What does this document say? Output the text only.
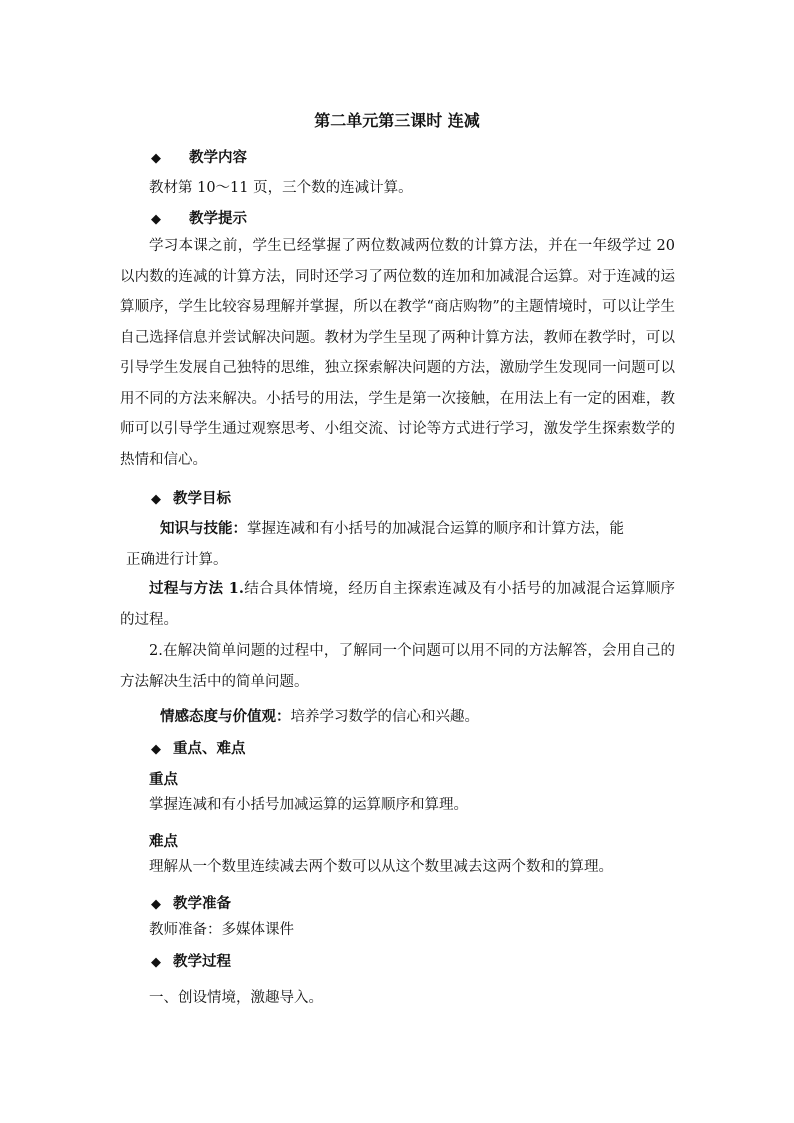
第二单元第三课时 连减
◆ 教学内容
教材第 10～11 页，三个数的连减计算。
◆ 教学提示
学习本课之前，学生已经掌握了两位数减两位数的计算方法，并在一年级学过 20 以内数的连减的计算方法，同时还学习了两位数的连加和加减混合运算。对于连减的运算顺序，学生比较容易理解并掌握，所以在教学“商店购物”的主题情境时，可以让学生自己选择信息并尝试解决问题。教材为学生呈现了两种计算方法，教师在教学时，可以引导学生发展自己独特的思维，独立探索解决问题的方法，激励学生发现同一问题可以用不同的方法来解决。小括号的用法，学生是第一次接触，在用法上有一定的困难，教师可以引导学生通过观察思考、小组交流、讨论等方式进行学习，激发学生探索数学的热情和信心。
◆ 教学目标
知识与技能：掌握连减和有小括号的加减混合运算的顺序和计算方法，能
正确进行计算。
过程与方法 1.结合具体情境，经历自主探索连减及有小括号的加减混合运算顺序的过程。
2.在解决简单问题的过程中，了解同一个问题可以用不同的方法解答，会用自己的方法解决生活中的简单问题。
情感态度与价值观：培养学习数学的信心和兴趣。
◆ 重点、难点
重点
掌握连减和有小括号加减运算的运算顺序和算理。
难点
理解从一个数里连续减去两个数可以从这个数里减去这两个数和的算理。
◆ 教学准备
教师准备：多媒体课件
◆ 教学过程
一、创设情境，激趣导入。
